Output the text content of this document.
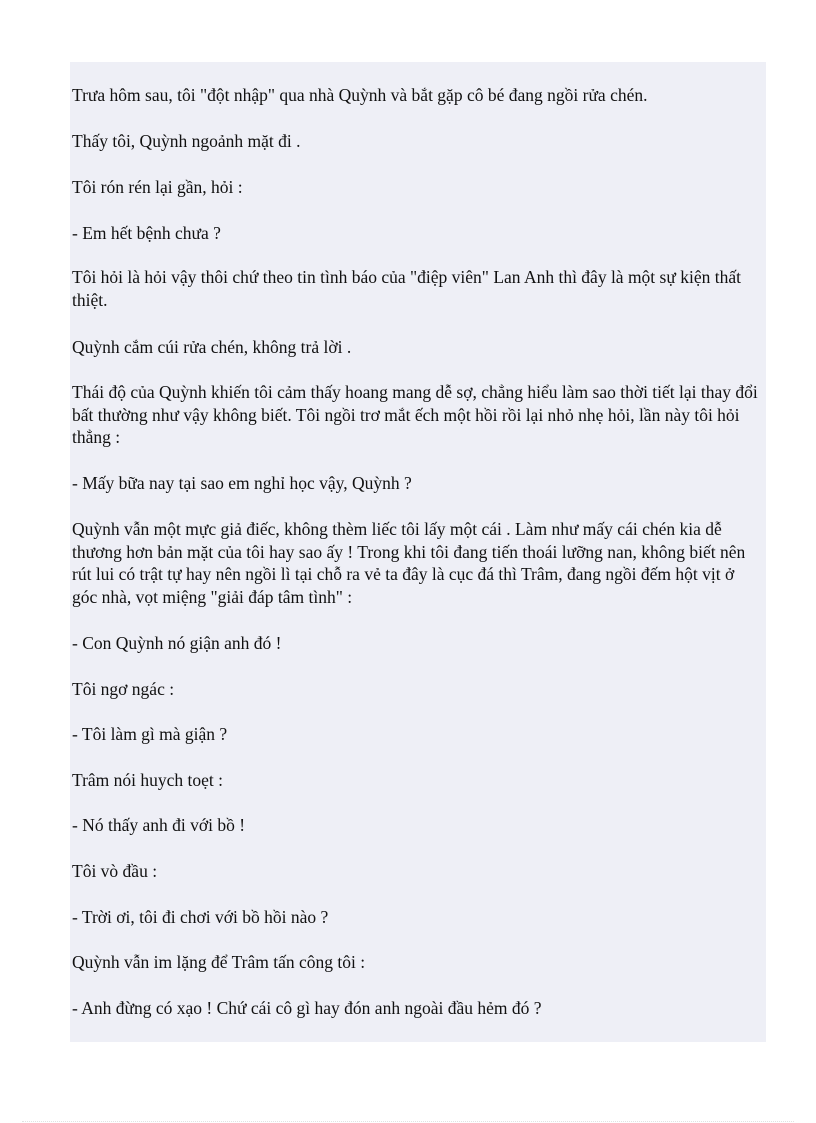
Trưa hôm sau, tôi "đột nhập" qua nhà Quỳnh và bắt gặp cô bé đang ngồi rửa chén.

Thấy tôi, Quỳnh ngoảnh mặt đi .

Tôi rón rén lại gần, hỏi :

- Em hết bệnh chưa ?

Tôi hỏi là hỏi vậy thôi chứ theo tin tình báo của "điệp viên" Lan Anh thì đây là một sự kiện thất thiệt.

Quỳnh cắm cúi rửa chén, không trả lời .

Thái độ của Quỳnh khiến tôi cảm thấy hoang mang dễ sợ, chẳng hiểu làm sao thời tiết lại thay đổi bất thường như vậy không biết. Tôi ngồi trơ mắt ếch một hồi rồi lại nhỏ nhẹ hỏi, lần này tôi hỏi thẳng :

- Mấy bữa nay tại sao em nghỉ học vậy, Quỳnh ?

Quỳnh vẫn một mực giả điếc, không thèm liếc tôi lấy một cái . Làm như mấy cái chén kia dễ thương hơn bản mặt của tôi hay sao ấy ! Trong khi tôi đang tiến thoái lưỡng nan, không biết nên rút lui có trật tự hay nên ngồi lì tại chỗ ra vẻ ta đây là cục đá thì Trâm, đang ngồi đếm hột vịt ở góc nhà, vọt miệng "giải đáp tâm tình" :

- Con Quỳnh nó giận anh đó !

Tôi ngơ ngác :

- Tôi làm gì mà giận ?

Trâm nói huych toẹt :

- Nó thấy anh đi với bồ !

Tôi vò đầu :

- Trời ơi, tôi đi chơi với bồ hồi nào ?

Quỳnh vẫn im lặng để Trâm tấn công tôi :

- Anh đừng có xạo ! Chứ cái cô gì hay đón anh ngoài đầu hẻm đó ?
